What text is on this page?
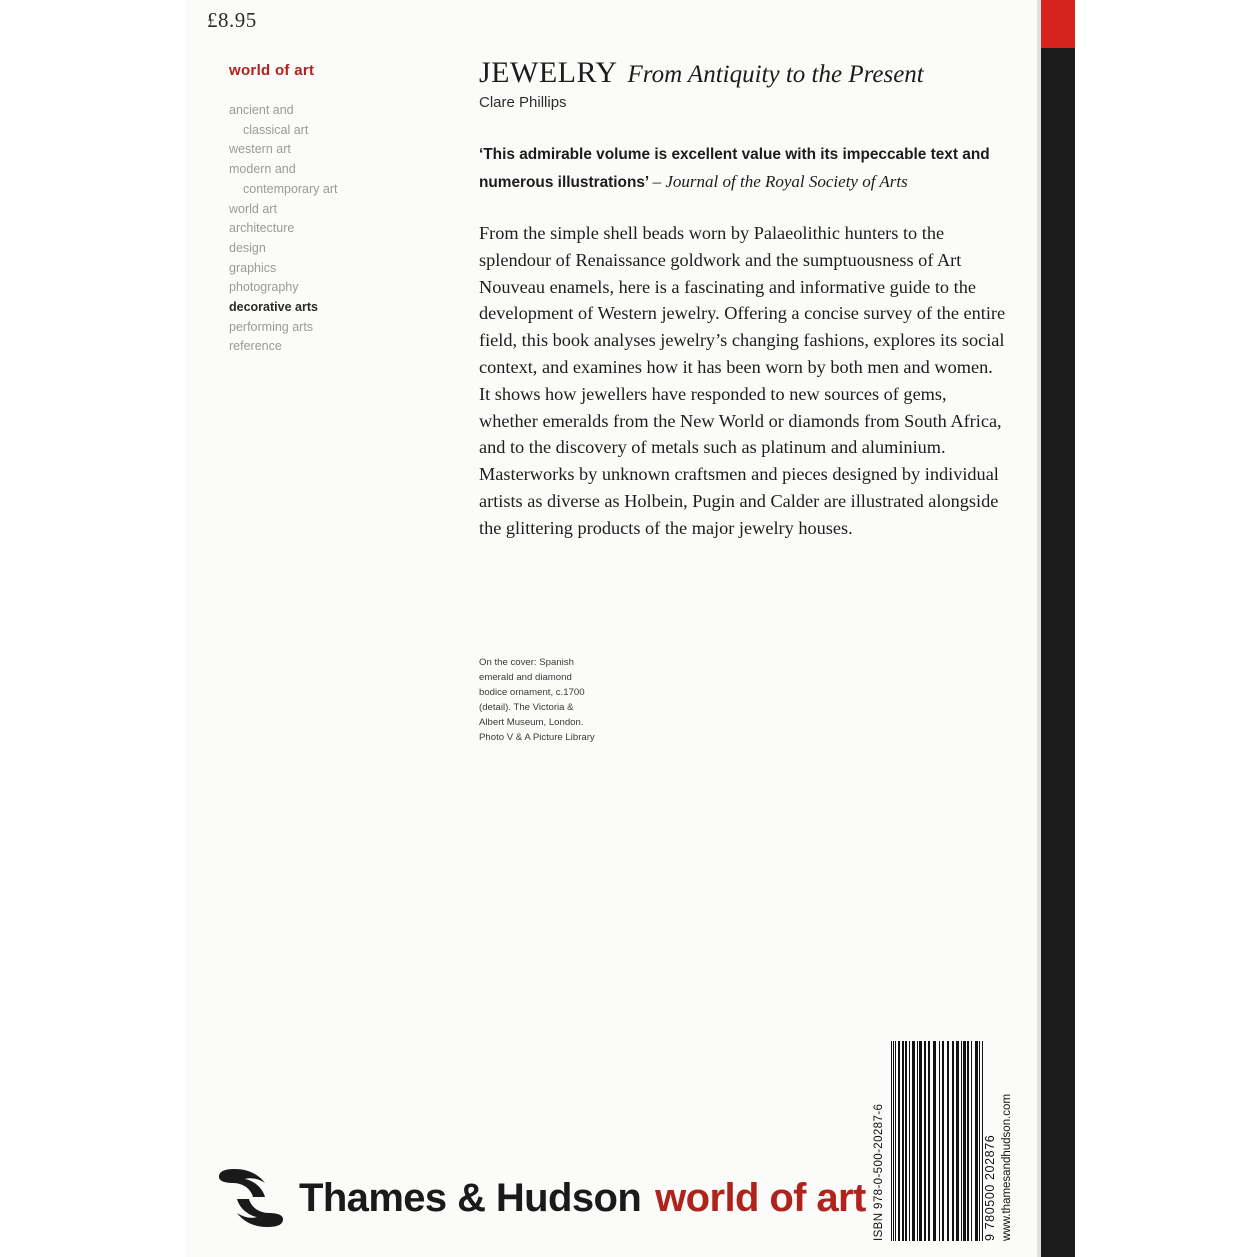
£8.95
world of art
ancient and
classical art
western art
modern and
contemporary art
world art
architecture
design
graphics
photography
decorative arts
performing arts
reference
JEWELRY From Antiquity to the Present
Clare Phillips
‘This admirable volume is excellent value with its impeccable text and numerous illustrations’ – Journal of the Royal Society of Arts
From the simple shell beads worn by Palaeolithic hunters to the splendour of Renaissance goldwork and the sumptuousness of Art Nouveau enamels, here is a fascinating and informative guide to the development of Western jewelry. Offering a concise survey of the entire field, this book analyses jewelry’s changing fashions, explores its social context, and examines how it has been worn by both men and women. It shows how jewellers have responded to new sources of gems, whether emeralds from the New World or diamonds from South Africa, and to the discovery of metals such as platinum and aluminium. Masterworks by unknown craftsmen and pieces designed by individual artists as diverse as Holbein, Pugin and Calder are illustrated alongside the glittering products of the major jewelry houses.
On the cover: Spanish emerald and diamond bodice ornament, c.1700 (detail). The Victoria & Albert Museum, London. Photo V & A Picture Library
ISBN 978-0-500-20287-6	9 780500 202876 www.thamesandhudson.com
Thames & Hudson world of art
